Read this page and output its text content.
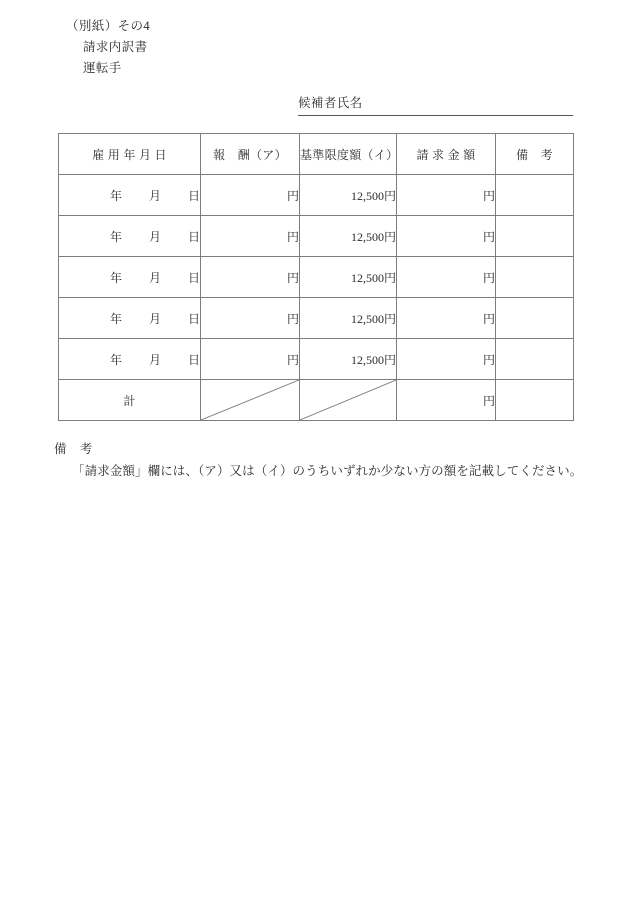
（別紙）その4
請求内訳書
運転手
候補者氏名
雇 用 年 月 日	報　酬（ア）	基準限度額（イ）	請 求 金 額	備　考
年　　 月　　 日	円	12,500円	円	
年　　 月　　 日	円	12,500円	円	
年　　 月　　 日	円	12,500円	円	
年　　 月　　 日	円	12,500円	円	
年　　 月　　 日	円	12,500円	円	
計			円	
備　考
「請求金額」欄には、（ア）又は（イ）のうちいずれか少ない方の額を記載してください。
